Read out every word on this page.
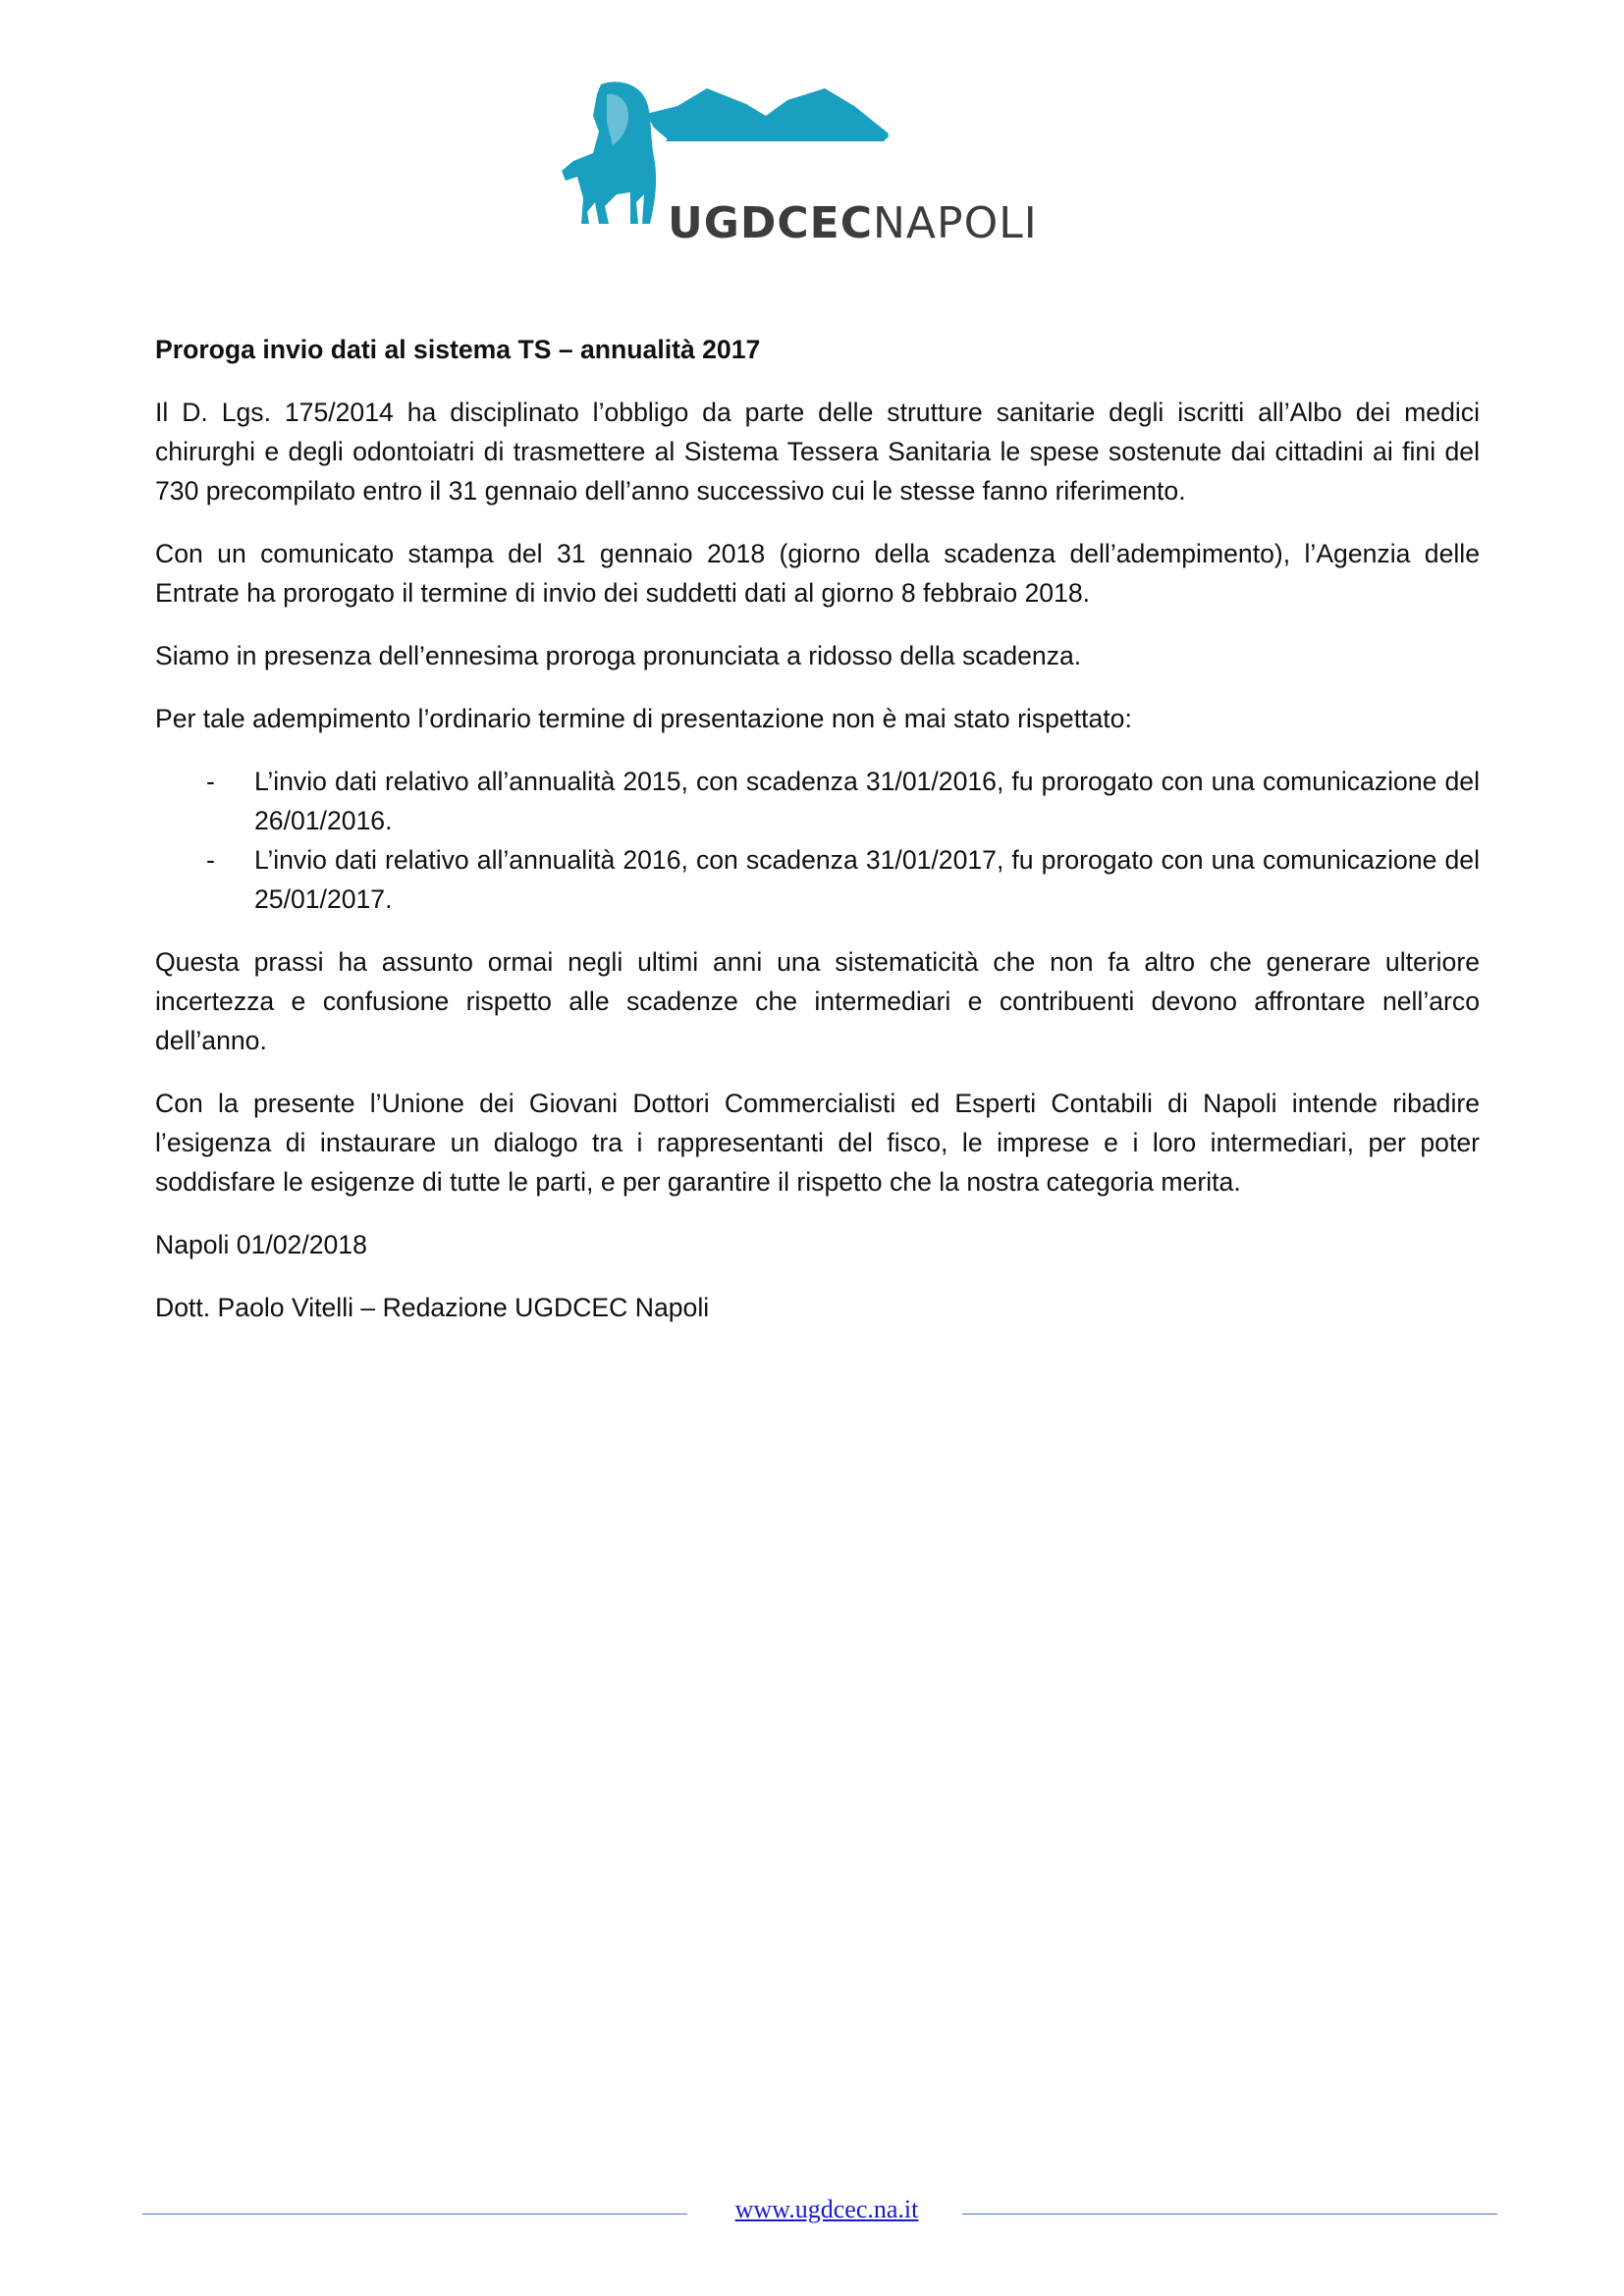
UGDCECNAPOLI
Proroga invio dati al sistema TS – annualità 2017

Il D. Lgs. 175/2014 ha disciplinato l’obbligo da parte delle strutture sanitarie degli iscritti all’Albo dei medici chirurghi e degli odontoiatri di trasmettere al Sistema Tessera Sanitaria le spese sostenute dai cittadini ai fini del 730 precompilato entro il 31 gennaio dell’anno successivo cui le stesse fanno riferimento.

Con un comunicato stampa del 31 gennaio 2018 (giorno della scadenza dell’adempimento), l’Agenzia delle Entrate ha prorogato il termine di invio dei suddetti dati al giorno 8 febbraio 2018.

Siamo in presenza dell’ennesima proroga pronunciata a ridosso della scadenza.

Per tale adempimento l’ordinario termine di presentazione non è mai stato rispettato:

- L’invio dati relativo all’annualità 2015, con scadenza 31/01/2016, fu prorogato con una comunicazione del 26/01/2016.
- L’invio dati relativo all’annualità 2016, con scadenza 31/01/2017, fu prorogato con una comunicazione del 25/01/2017.

Questa prassi ha assunto ormai negli ultimi anni una sistematicità che non fa altro che generare ulteriore incertezza e confusione rispetto alle scadenze che intermediari e contribuenti devono affrontare nell’arco dell’anno.

Con la presente l’Unione dei Giovani Dottori Commercialisti ed Esperti Contabili di Napoli intende ribadire l’esigenza di instaurare un dialogo tra i rappresentanti del fisco, le imprese e i loro intermediari, per poter soddisfare le esigenze di tutte le parti, e per garantire il rispetto che la nostra categoria merita.

Napoli 01/02/2018

Dott. Paolo Vitelli – Redazione UGDCEC Napoli

www.ugdcec.na.it
